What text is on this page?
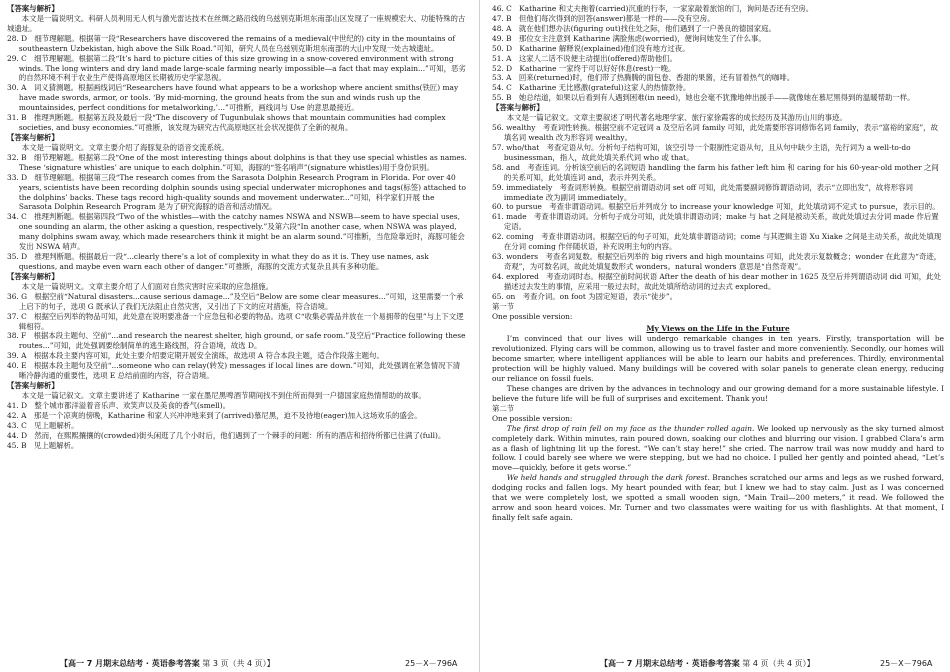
【答案与解析】
本文是一篇说明文。科研人员利用无人机与激光雷达技术在丝绸之路沿线的乌兹别克斯坦东南部山区发现了一座规模宏大、功能特殊的古城遗址。
28. D　细节理解题。根据第一段“Researchers have discovered the remains of a medieval(中世纪的) city in the mountains of southeastern Uzbekistan, high above the Silk Road.”可知，研究人员在乌兹别克斯坦东南部的大山中发现一处古城遗址。
29. C　细节理解题。根据第二段“It’s hard to picture cities of this size growing in a snow-covered environment with strong winds. The long winters and dry land made large-scale farming nearly impossible—a fact that may explain...”可知，恶劣的自然环境不利于农业生产使得高原地区长期被历史学家忽视。
30. A　词义猜测题。根据画线词后“Researchers have found what appears to be a workshop where ancient smiths(铁匠) may have made swords, armor, or tools. ‘By mid-morning, the ground heats from the sun and winds rush up the mountainsides, perfect conditions for metalworking,’...”可推断，画线词与 Use 的意思最接近。
31. B　推理判断题。根据第五段及最后一段“The discovery of Tugunbulak shows that mountain communities had complex societies, and busy economies.”可推断，该发现为研究古代高原地区社会状况提供了全新的视角。
【答案与解析】
本文是一篇说明文。文章主要介绍了海豚复杂的语音交流系统。
32. B　细节理解题。根据第二段“One of the most interesting things about dolphins is that they use special whistles as names. These ‘signature whistles’ are unique to each dolphin.”可知，海豚的“签名哨声”(signature whistles)用于身份识别。
33. D　细节理解题。根据第三段“The research comes from the Sarasota Dolphin Research Program in Florida. For over 40 years, scientists have been recording dolphin sounds using special underwater microphones and tags(标签) attached to the dolphins’ backs. These tags record high-quality sounds and movement underwater...”可知，科学家们开展 the Sarasota Dolphin Research Program 是为了研究海豚的语音和活动情况。
34. C　推理判断题。根据第四段“Two of the whistles—with the catchy names NSWA and NSWB—seem to have special uses, one sounding an alarm, the other asking a question, respectively.”及第六段“In another case, when NSWA was played, many dolphins swam away, which made researchers think it might be an alarm sound.”可推断，当危险靠近时，海豚可能会发出 NSWA 哨声。
35. D　推理判断题。根据最后一段“...clearly there’s a lot of complexity in what they do as it is. They use names, ask questions, and maybe even warn each other of danger.”可推断，海豚的交流方式复杂且具有多种功能。
【答案与解析】
本文是一篇说明文。文章主要介绍了人们面对自然灾害时应采取的应急措施。
36. G　根据空前“Natural disasters...cause serious damage...”及空后“Below are some clear measures...”可知，这里需要一个承上启下的句子，选项 G 既承认了我们无法阻止自然灾害，又引出了下文的应对措施，符合语境。
37. C　根据空后列举的物品可知，此处意在说明要准备一个应急包和必要的物品。选项 C“收集必需品并放在一个易拥带的包里”与上下文逻辑相符。
38. F　根据本段主题句、空前“...and research the nearest shelter, high ground, or safe room.”及空后“Practice following these routes...”可知，此处强调要绘制简单的逃生路线图，符合语境，故选 D。
39. A　根据本段主要内容可知，此处主要介绍要定期开展安全演练，故选项 A 符合本段主题，适合作段落主题句。
40. E　根据本段主题句及空前“...someone who can relay(转发) messages if local lines are down.”可知，此处强调在紧急情况下清晰冷静沟通的重要性，选项 E 总结前面的内容，符合语境。
【答案与解析】
本文是一篇记叙文。文章主要讲述了 Katharine 一家在墨尼黑啤酒节期间找不到住所而得到一户德国家庭热情帮助的故事。
41. D　整个城市都洋溢着音乐声、欢笑声以及美食的香气(smell)。
42. A　那是一个凉爽的傍晚，Katharine 和家人兴冲冲地来到了(arrived)慕尼黑，迫不及待地(eager)加入这场欢乐的盛会。
43. C　见上题解析。
44. D　然而，在熙熙攘攘的(crowded)街头闲逛了几个小时后，他们遇到了一个棘手的问题：所有的酒店和招待所都已住满了(full)。
45. B　见上题解析。
46. C　Katharine 和丈夫拖着(carried)沉重的行李，一家家敲着旅馆的门，询问是否还有空房。
47. B　但他们每次得到的回答(answer)都是一样的——没有空房。
48. A　就在他们想办法(figuring out)找住处之际，他们遇到了一户善良的德国家庭。
49. B　那位女主注意到 Katharine 满脸焦虑(worried)，便询问她发生了什么事。
50. D　Katharine 解释说(explained)他们没有地方过夜。
51. A　这家人二话不说便主动提出(offered)帮助他们。
52. D　Katharine 一家终于可以好好休息(rest)一晚。
53. A　回来(returned)时，他们带了热腾腾的面包卷、香甜的果酱，还有冒着热气的咖啡。
54. C　Katharine 无比感激(grateful)这家人的热情款待。
55. B　她总结道，如果以后看到有人遇到困难(in need)，她也会毫不犹豫地伸出援手——就像她在慕尼黑得到的温暖帮助一样。
【答案与解析】
本文是一篇记叙文。文章主要叙述了明代著名地理学家、旅行家徐霞客的成长经历及其游历山川的事迹。
56. wealthy　考查词性转换。根据空前不定冠词 a 及空后名词 family 可知，此处需要形容词修饰名词 family，表示“富裕的家庭”，故填名词 wealth 改为形容词 wealthy。
57. who/that　考查定语从句。分析句子结构可知，该空引导一个限制性定语从句，且从句中缺少主语，先行词为 a well-to-do businessman，指人，故此处填关系代词 who 或 that。
58. and　考查连词。分析该空前后的名词短语 handling the farm his father left him 和 caring for his 60-year-old mother 之间的关系可知，此处填连词 and，表示并列关系。
59. immediately　考查词形转换。根据空前谓语动词 set off 可知，此处需要副词修饰谓语动词，表示“立即出发”，故将形容词 immediate 改为副词 immediately。
60. to pursue　考查非谓语动词。根据空后并列成分 to increase your knowledge 可知，此处填动词不定式 to pursue，表示目的。
61. made　考查非谓语动词。分析句子成分可知，此处填非谓语动词；make 与 hat 之间是被动关系，故此处填过去分词 made 作后置定语。
62. coming　考查非谓语动词。根据空后的句子可知，此处填非谓语动词；come 与其逻辑主语 Xu Xiake 之间是主动关系，故此处填现在分词 coming 作伴随状语，补充说明主句的内容。
63. wonders　考查名词复数。根据空后列举的 big rivers and high mountains 可知，此处表示复数概念；wonder 在此意为“奇迹，奇观”，为可数名词，故此处填复数形式 wonders。natural wonders 意思是“自然奇观”。
64. explored　考查动词时态。根据空前时间状语 After the death of his dear mother in 1625 及空后并列谓语动词 did 可知，此处描述过去发生的事情，应采用一般过去时，故此处填所给动词的过去式 explored。
65. on　考查介词。on foot 为固定短语，表示“徒步”。
第一节
One possible version:
My Views on the Life in the Future
I’m convinced that our lives will undergo remarkable changes in ten years. Firstly, transportation will be revolutionized. Flying cars will be common, allowing us to travel faster and more conveniently. Secondly, our homes will become smarter, where intelligent appliances will be able to learn our habits and preferences. Thirdly, environmental protection will be highly valued. Many buildings will be covered with solar panels to generate clean energy, reducing our reliance on fossil fuels.
These changes are driven by the advances in technology and our growing demand for a more sustainable lifestyle. I believe the future life will be full of surprises and excitement. Thank you!
第二节
One possible version:
The first drop of rain fell on my face as the thunder rolled again. We looked up nervously as the sky turned almost completely dark. Within minutes, rain poured down, soaking our clothes and blurring our vision. I grabbed Clara’s arm as a flash of lightning lit up the forest. “We can’t stay here!” she cried. The narrow trail was now muddy and hard to follow. I could barely see where we were stepping, but we had no choice. I pulled her gently and pointed ahead, “Let’s move—quickly, before it gets worse.”
We held hands and struggled through the dark forest. Branches scratched our arms and legs as we rushed forward, dodging rocks and fallen logs. My heart pounded with fear, but I knew we had to stay calm. Just as I was concerned that we were completely lost, we spotted a small wooden sign, “Main Trail—200 meters,” it read. We followed the arrow and soon heard voices. Mr. Turner and two classmates were waiting for us with flashlights. At that moment, I finally felt safe again.
【高一 7 月期末总结考 · 英语参考答案 第 3 页（共 4 页）】	25－X－796A	【高一 7 月期末总结考 · 英语参考答案 第 4 页（共 4 页）】	25－X－796A
